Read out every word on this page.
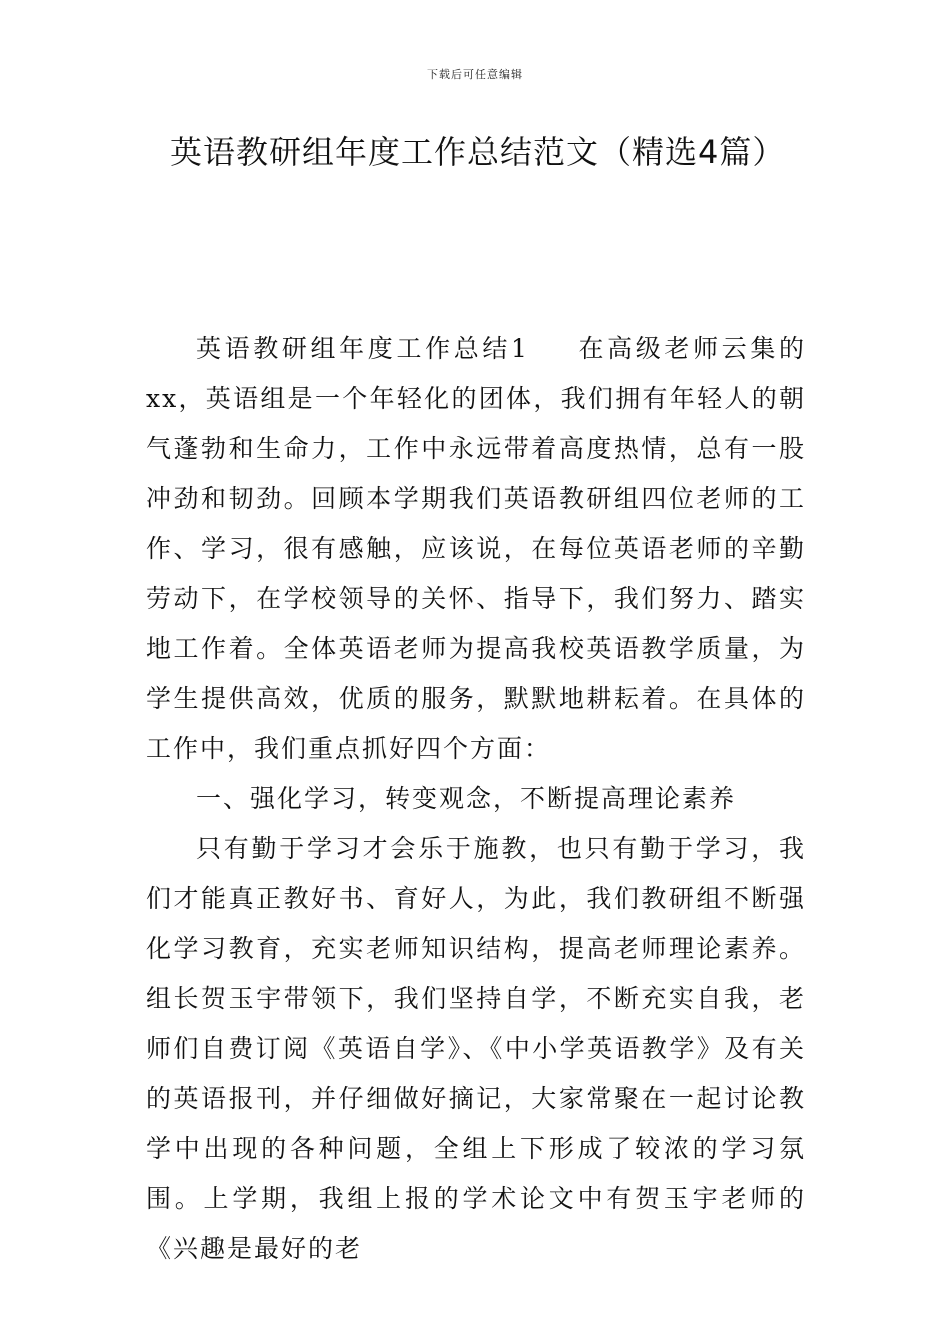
下载后可任意编辑
英语教研组年度工作总结范文（精选4篇）

英语教研组年度工作总结1 在高级老师云集的xx，英语组是一个年轻化的团体，我们拥有年轻人的朝气蓬勃和生命力，工作中永远带着高度热情，总有一股冲劲和韧劲。回顾本学期我们英语教研组四位老师的工作、学习，很有感触，应该说，在每位英语老师的辛勤劳动下，在学校领导的关怀、指导下，我们努力、踏实地工作着。全体英语老师为提高我校英语教学质量，为学生提供高效，优质的服务，默默地耕耘着。在具体的工作中，我们重点抓好四个方面：

一、强化学习，转变观念，不断提高理论素养

只有勤于学习才会乐于施教，也只有勤于学习，我们才能真正教好书、育好人，为此，我们教研组不断强化学习教育，充实老师知识结构，提高老师理论素养。组长贺玉宇带领下，我们坚持自学，不断充实自我，老师们自费订阅《英语自学》、《中小学英语教学》及有关的英语报刊，并仔细做好摘记，大家常聚在一起讨论教学中出现的各种问题，全组上下形成了较浓的学习氛围。上学期，我组上报的学术论文中有贺玉宇老师的《兴趣是最好的老
